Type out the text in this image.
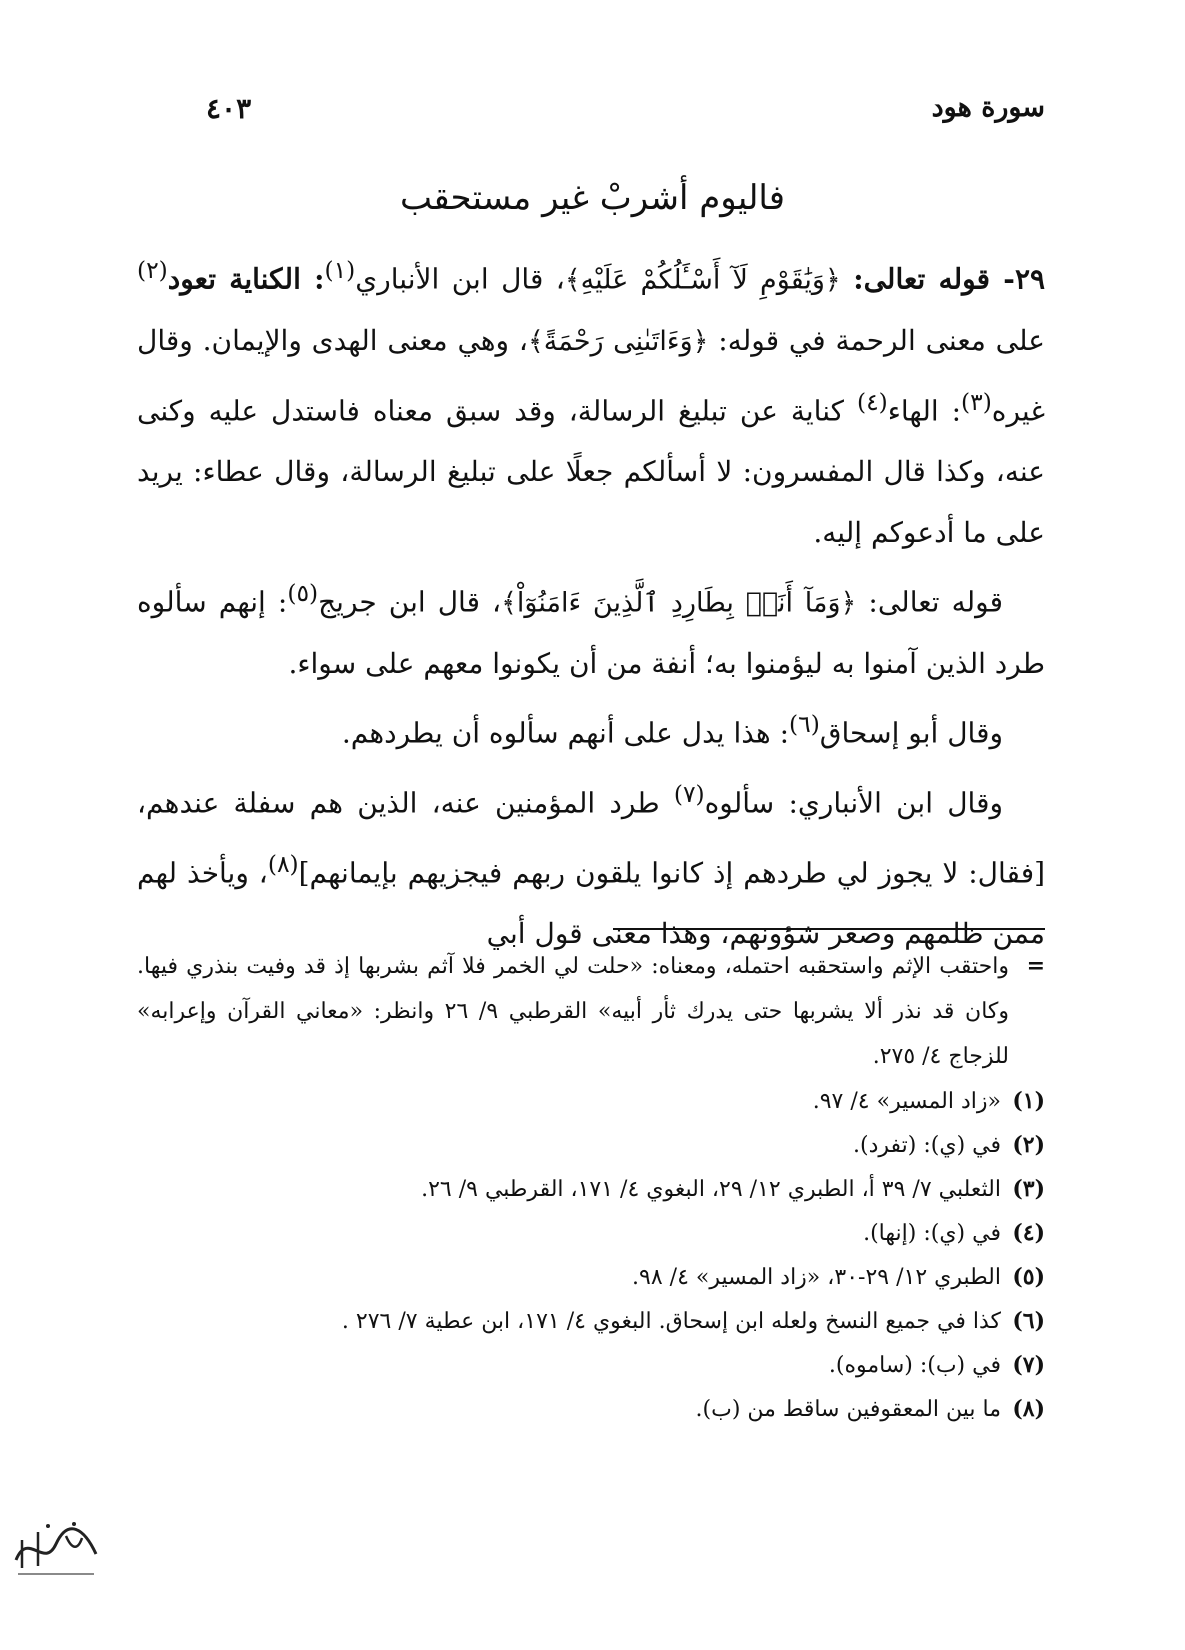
سورة هود
٤٠٣
فاليوم أشربْ غير مستحقب

٢٩- قوله تعالى: ﴿وَيَٰقَوْمِ لَآ أَسْـَٔلُكُمْ عَلَيْهِ﴾، قال ابن الأنباري$^{(١)}$: الكناية تعود$^{(٢)}$ على معنى الرحمة في قوله: ﴿وَءَاتَىٰنِى رَحْمَةً﴾، وهي معنى الهدى والإيمان. وقال غيره$^{(٣)}$: الهاء$^{(٤)}$ كناية عن تبليغ الرسالة، وقد سبق معناه فاستدل عليه وكنى عنه، وكذا قال المفسرون: لا أسألكم جعلًا على تبليغ الرسالة، وقال عطاء: يريد على ما أدعوكم إليه.

قوله تعالى: ﴿وَمَآ أَنَا۠ بِطَارِدِ ٱلَّذِينَ ءَامَنُوٓاْ﴾، قال ابن جريج$^{(٥)}$: إنهم سألوه طرد الذين آمنوا به ليؤمنوا به؛ أنفة من أن يكونوا معهم على سواء.

وقال أبو إسحاق$^{(٦)}$: هذا يدل على أنهم سألوه أن يطردهم.

وقال ابن الأنباري: سألوه$^{(٧)}$ طرد المؤمنين عنه، الذين هم سفلة عندهم، [فقال: لا يجوز لي طردهم إذ كانوا يلقون ربهم فيجزيهم بإيمانهم]$^{(٨)}$، ويأخذ لهم ممن ظلمهم وصغر شؤونهم، وهذا معنى قول أبي

=
واحتقب الإثم واستحقبه احتمله، ومعناه: «حلت لي الخمر فلا آثم بشربها إذ قد وفيت بنذري فيها. وكان قد نذر ألا يشربها حتى يدرك ثأر أبيه» القرطبي ٩/ ٢٦ وانظر: «معاني القرآن وإعرابه» للزجاج ٤/ ٢٧٥.
(١)
«زاد المسير» ٤/ ٩٧.
(٢)
في (ي): (تفرد).
(٣)
الثعلبي ٧/ ٣٩ أ، الطبري ١٢/ ٢٩، البغوي ٤/ ١٧١، القرطبي ٩/ ٢٦.
(٤)
في (ي): (إنها).
(٥)
الطبري ١٢/ ٢٩-٣٠، «زاد المسير» ٤/ ٩٨.
(٦)
كذا في جميع النسخ ولعله ابن إسحاق. البغوي ٤/ ١٧١، ابن عطية ٧/ ٢٧٦ .
(٧)
في (ب): (سامو‌ه).
(٨)
ما بين المعقوفين ساقط من (ب).
